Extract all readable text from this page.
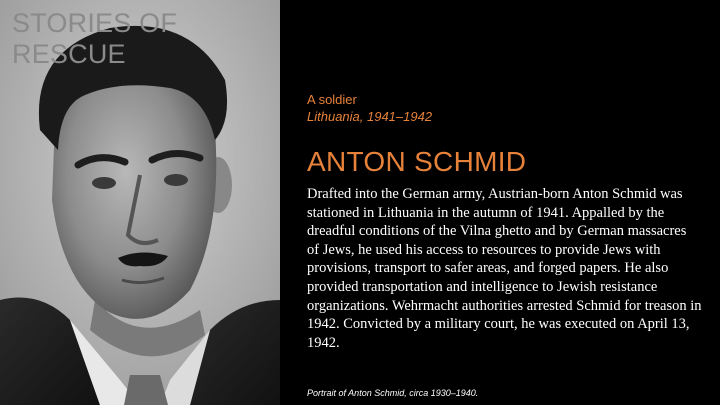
STORIES OF RESCUE
A soldier
Lithuania, 1941–1942
ANTON SCHMID

Drafted into the German army, Austrian-born Anton Schmid was stationed in Lithuania in the autumn of 1941. Appalled by the dreadful conditions of the Vilna ghetto and by German massacres of Jews, he used his access to resources to provide Jews with provisions, transport to safer areas, and forged papers. He also provided transportation and intelligence to Jewish resistance organizations. Wehrmacht authorities arrested Schmid for treason in 1942. Convicted by a military court, he was executed on April 13, 1942.

Portrait of Anton Schmid, circa 1930–1940.
